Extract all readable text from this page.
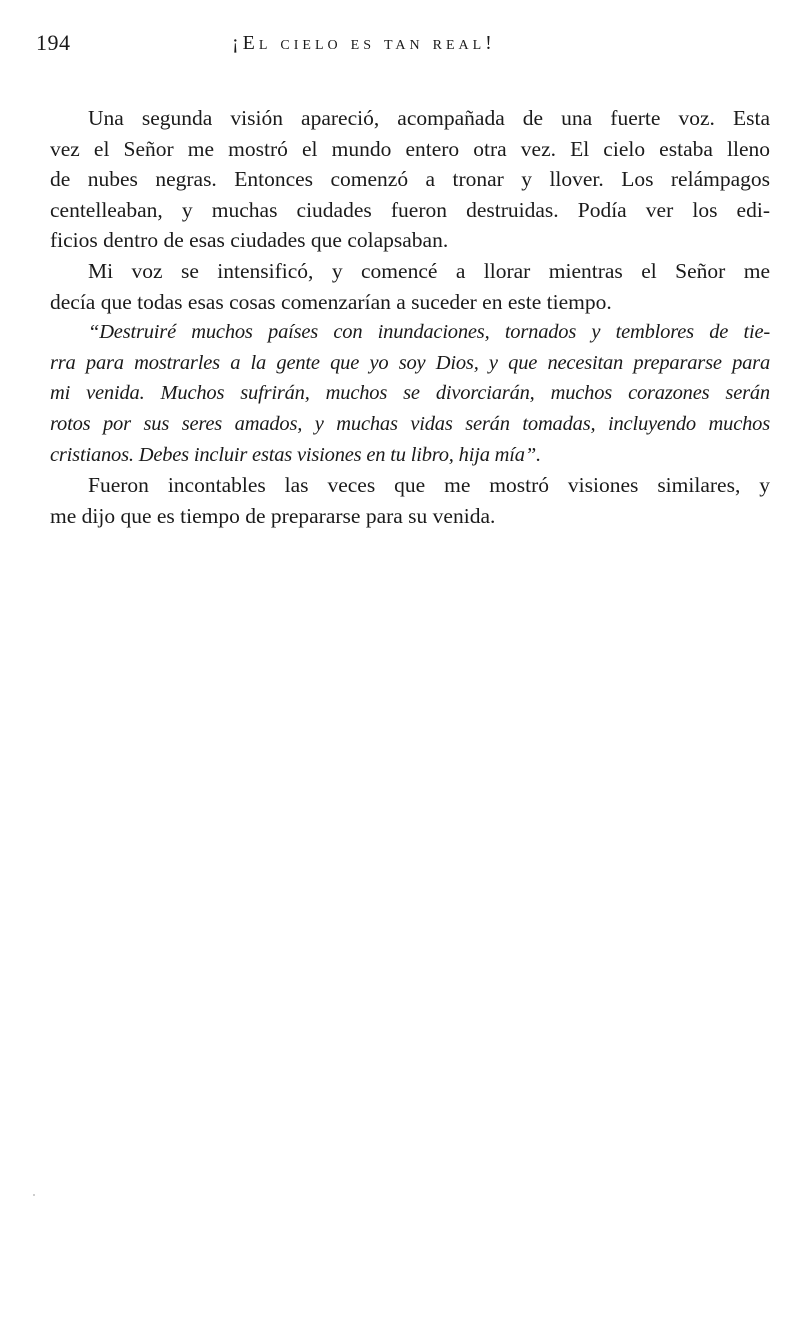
194	¡El cielo es tan real!

Una segunda visión apareció, acompañada de una fuerte voz. Esta
vez el Señor me mostró el mundo entero otra vez. El cielo estaba lleno
de nubes negras. Entonces comenzó a tronar y llover. Los relámpagos
centelleaban, y muchas ciudades fueron destruidas. Podía ver los edi-
ficios dentro de esas ciudades que colapsaban.

Mi voz se intensificó, y comencé a llorar mientras el Señor me
decía que todas esas cosas comenzarían a suceder en este tiempo.

“Destruiré muchos países con inundaciones, tornados y temblores de tie-
rra para mostrarles a la gente que yo soy Dios, y que necesitan prepararse para
mi venida. Muchos sufrirán, muchos se divorciarán, muchos corazones serán
rotos por sus seres amados, y muchas vidas serán tomadas, incluyendo muchos
cristianos. Debes incluir estas visiones en tu libro, hija mía”.

Fueron incontables las veces que me mostró visiones similares, y
me dijo que es tiempo de prepararse para su venida.
